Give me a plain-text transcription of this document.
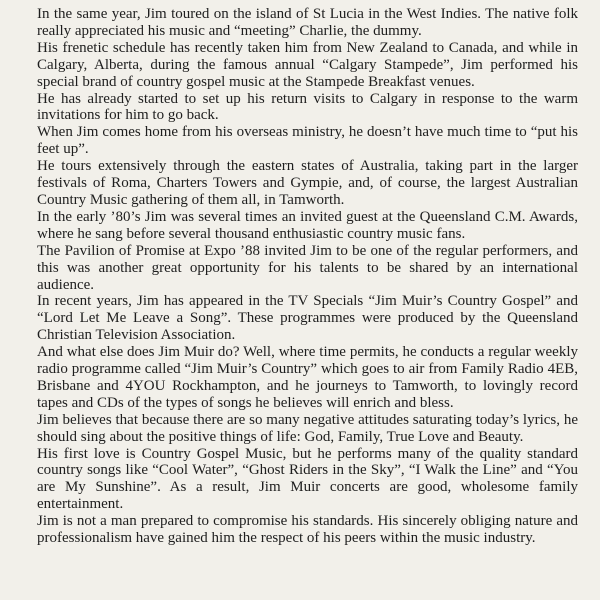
In the same year, Jim toured on the island of St Lucia in the West Indies. The native folk really appreciated his music and “meeting” Charlie, the dummy.

His frenetic schedule has recently taken him from New Zealand to Canada, and while in Calgary, Alberta, during the famous annual “Calgary Stampede”, Jim performed his special brand of country gospel music at the Stampede Breakfast venues.

He has already started to set up his return visits to Calgary in response to the warm invitations for him to go back.

When Jim comes home from his overseas ministry, he doesn’t have much time to “put his feet up”.

He tours extensively through the eastern states of Australia, taking part in the larger festivals of Roma, Charters Towers and Gympie, and, of course, the largest Australian Country Music gathering of them all, in Tamworth.

In the early ’80’s Jim was several times an invited guest at the Queensland C.M. Awards, where he sang before several thousand enthusiastic country music fans.

The Pavilion of Promise at Expo ’88 invited Jim to be one of the regular performers, and this was another great opportunity for his talents to be shared by an international audience.

In recent years, Jim has appeared in the TV Specials “Jim Muir’s Country Gospel” and “Lord Let Me Leave a Song”. These programmes were produced by the Queensland Christian Television Association.

And what else does Jim Muir do? Well, where time permits, he conducts a regular weekly radio programme called “Jim Muir’s Country” which goes to air from Family Radio 4EB, Brisbane and 4YOU Rockhampton, and he journeys to Tamworth, to lovingly record tapes and CDs of the types of songs he believes will enrich and bless.

Jim believes that because there are so many negative attitudes saturating today’s lyrics, he should sing about the positive things of life: God, Family, True Love and Beauty.

His first love is Country Gospel Music, but he performs many of the quality standard country songs like “Cool Water”, “Ghost Riders in the Sky”, “I Walk the Line” and “You are My Sunshine”. As a result, Jim Muir concerts are good, wholesome family entertainment.

Jim is not a man prepared to compromise his standards. His sincerely obliging nature and professionalism have gained him the respect of his peers within the music industry.
